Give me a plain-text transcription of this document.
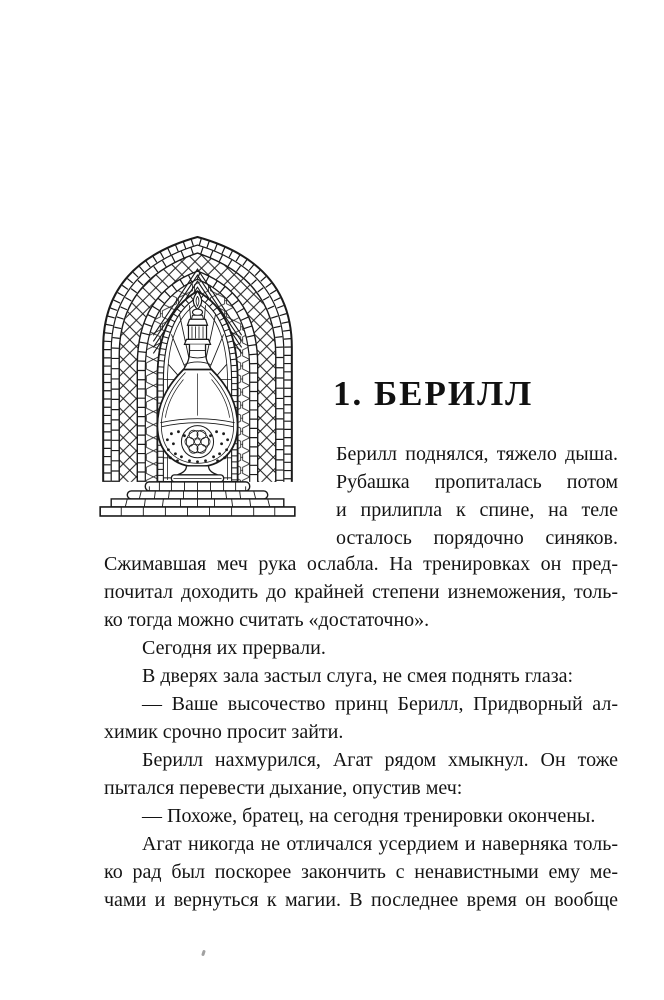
1. БЕРИЛЛ
Берилл поднялся, тяжело дыша.
Рубашка пропиталась потом
и прилипла к спине, на теле
осталось порядочно синяков.
Сжимавшая меч рука ослабла. На тренировках он пред-
почитал доходить до крайней степени изнеможения, толь-
ко тогда можно считать «достаточно».
Сегодня их прервали.
В дверях зала застыл слуга, не смея поднять глаза:
— Ваше высочество принц Берилл, Придворный ал-
химик срочно просит зайти.
Берилл нахмурился, Агат рядом хмыкнул. Он тоже
пытался перевести дыхание, опустив меч:
— Похоже, братец, на сегодня тренировки окончены.
Агат никогда не отличался усердием и наверняка толь-
ко рад был поскорее закончить с ненавистными ему ме-
чами и вернуться к магии. В последнее время он вообще
